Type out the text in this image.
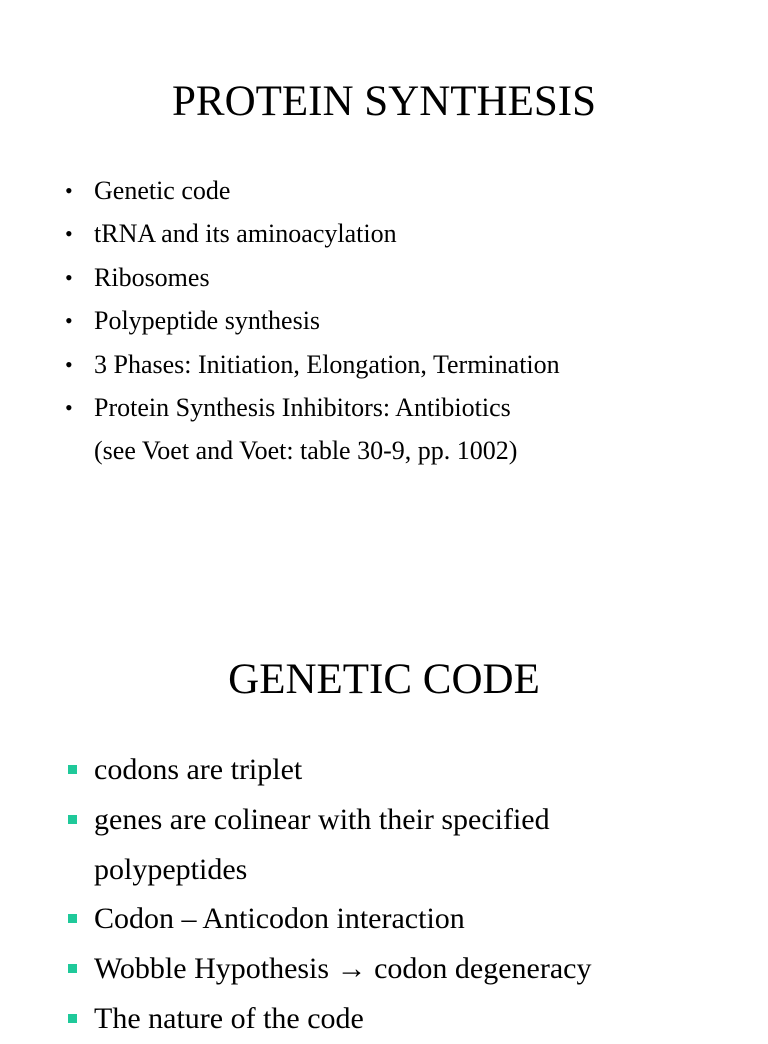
PROTEIN SYNTHESIS
• Genetic code
• tRNA and its aminoacylation
• Ribosomes
• Polypeptide synthesis
• 3 Phases: Initiation, Elongation, Termination
• Protein Synthesis Inhibitors: Antibiotics
(see Voet and Voet: table 30-9, pp. 1002)
GENETIC CODE
codons are triplet
genes are colinear with their specified
polypeptides
Codon – Anticodon interaction
Wobble Hypothesis → codon degeneracy
The nature of the code
